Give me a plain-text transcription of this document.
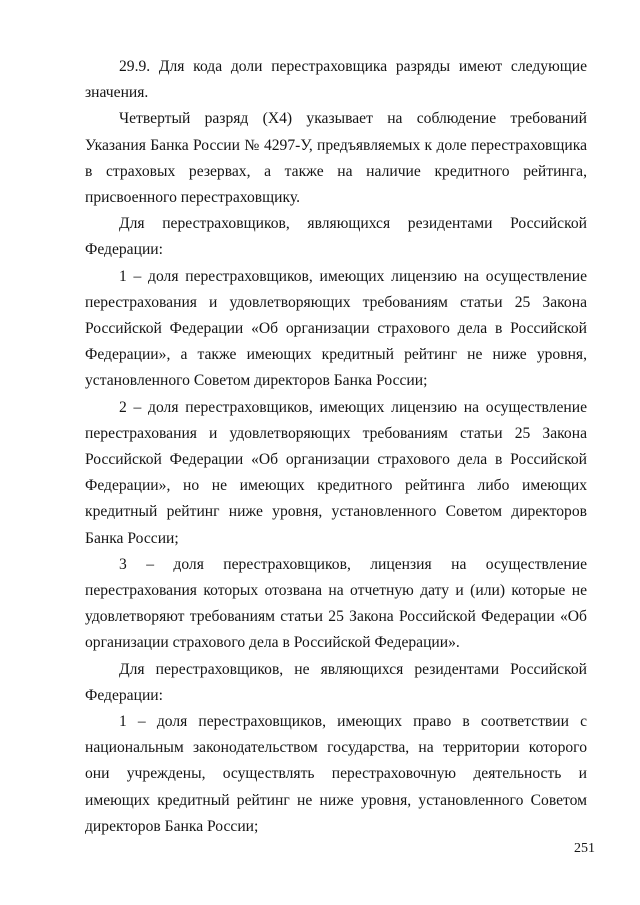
29.9. Для кода доли перестраховщика разряды имеют следующие значения.

Четвертый разряд (Х4) указывает на соблюдение требований Указания Банка России № 4297-У, предъявляемых к доле перестраховщика в страховых резервах, а также на наличие кредитного рейтинга, присвоенного перестраховщику.

Для перестраховщиков, являющихся резидентами Российской Федерации:

1 – доля перестраховщиков, имеющих лицензию на осуществление перестрахования и удовлетворяющих требованиям статьи 25 Закона Российской Федерации «Об организации страхового дела в Российской Федерации», а также имеющих кредитный рейтинг не ниже уровня, установленного Советом директоров Банка России;

2 – доля перестраховщиков, имеющих лицензию на осуществление перестрахования и удовлетворяющих требованиям статьи 25 Закона Российской Федерации «Об организации страхового дела в Российской Федерации», но не имеющих кредитного рейтинга либо имеющих кредитный рейтинг ниже уровня, установленного Советом директоров Банка России;

3 – доля перестраховщиков, лицензия на осуществление перестрахования которых отозвана на отчетную дату и (или) которые не удовлетворяют требованиям статьи 25 Закона Российской Федерации «Об организации страхового дела в Российской Федерации».

Для перестраховщиков, не являющихся резидентами Российской Федерации:

1 – доля перестраховщиков, имеющих право в соответствии с национальным законодательством государства, на территории которого они учреждены, осуществлять перестраховочную деятельность и имеющих кредитный рейтинг не ниже уровня, установленного Советом директоров Банка России;

251
